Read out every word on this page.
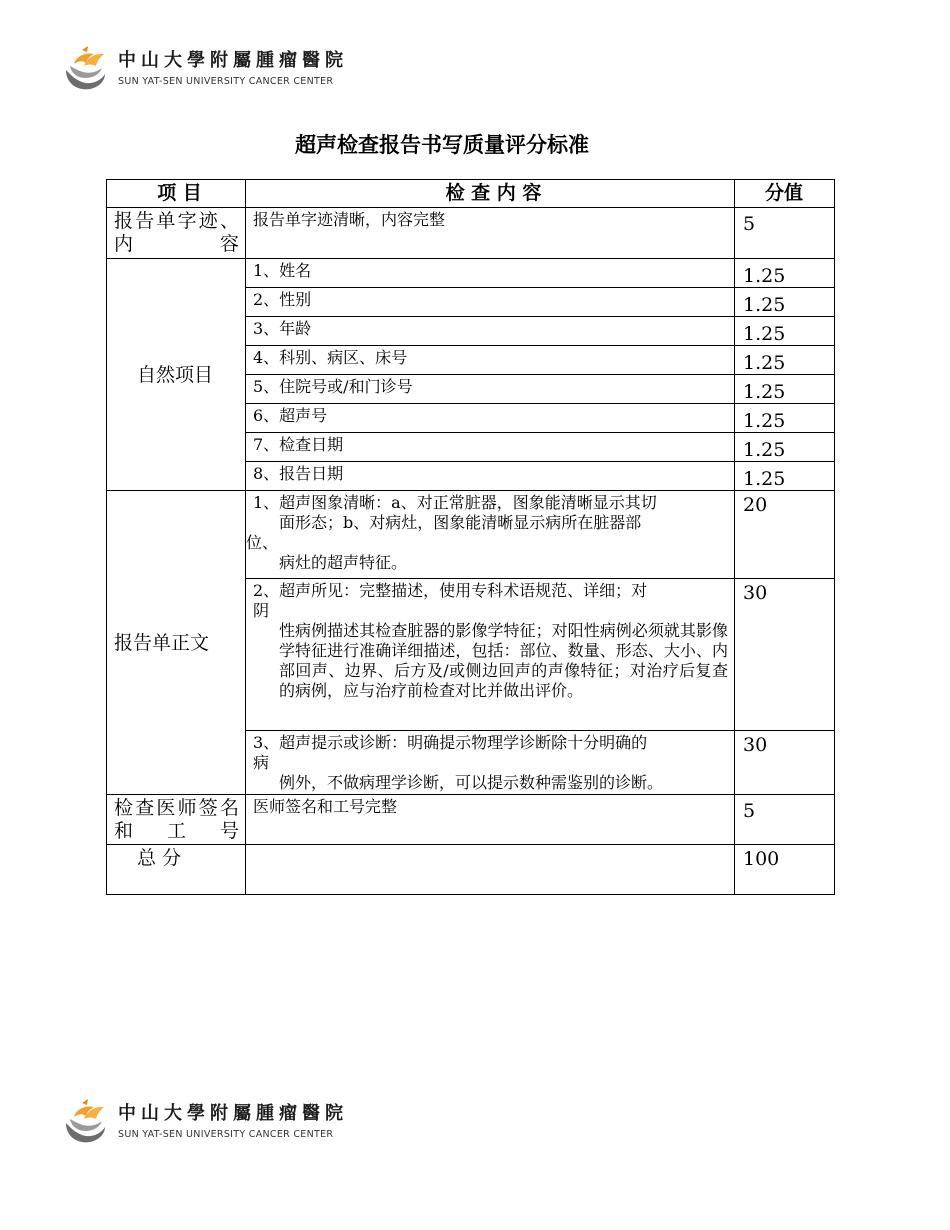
中山大學附屬腫瘤醫院
SUN YAT-SEN UNIVERSITY CANCER CENTER
超声检查报告书写质量评分标准
项 目	检 查 内 容	分值
报告单字迹、内容	报告单字迹清晰，内容完整	5
自然项目	1、姓名	1.25
	2、性别	1.25
	3、年龄	1.25
	4、科别、病区、床号	1.25
	5、住院号或/和门诊号	1.25
	6、超声号	1.25
	7、检查日期	1.25
	8、报告日期	1.25
报告单正文	1、超声图象清晰：a、对正常脏器，图象能清晰显示其切
面形态；b、对病灶，图象能清晰显示病所在脏器部
位、
病灶的超声特征。	20
	2、超声所见：完整描述，使用专科术语规范、详细；对
阴
性病例描述其检查脏器的影像学特征；对阳性病例必须就其影像学特征进行准确详细描述，包括：部位、数量、形态、大小、内部回声、边界、后方及/或侧边回声的声像特征；对治疗后复查的病例，应与治疗前检查对比并做出评价。	30
	3、超声提示或诊断：明确提示物理学诊断除十分明确的
病
例外，不做病理学诊断，可以提示数种需鉴别的诊断。	30
检查医师签名和工号	医师签名和工号完整	5
总 分		100
中山大學附屬腫瘤醫院
SUN YAT-SEN UNIVERSITY CANCER CENTER
